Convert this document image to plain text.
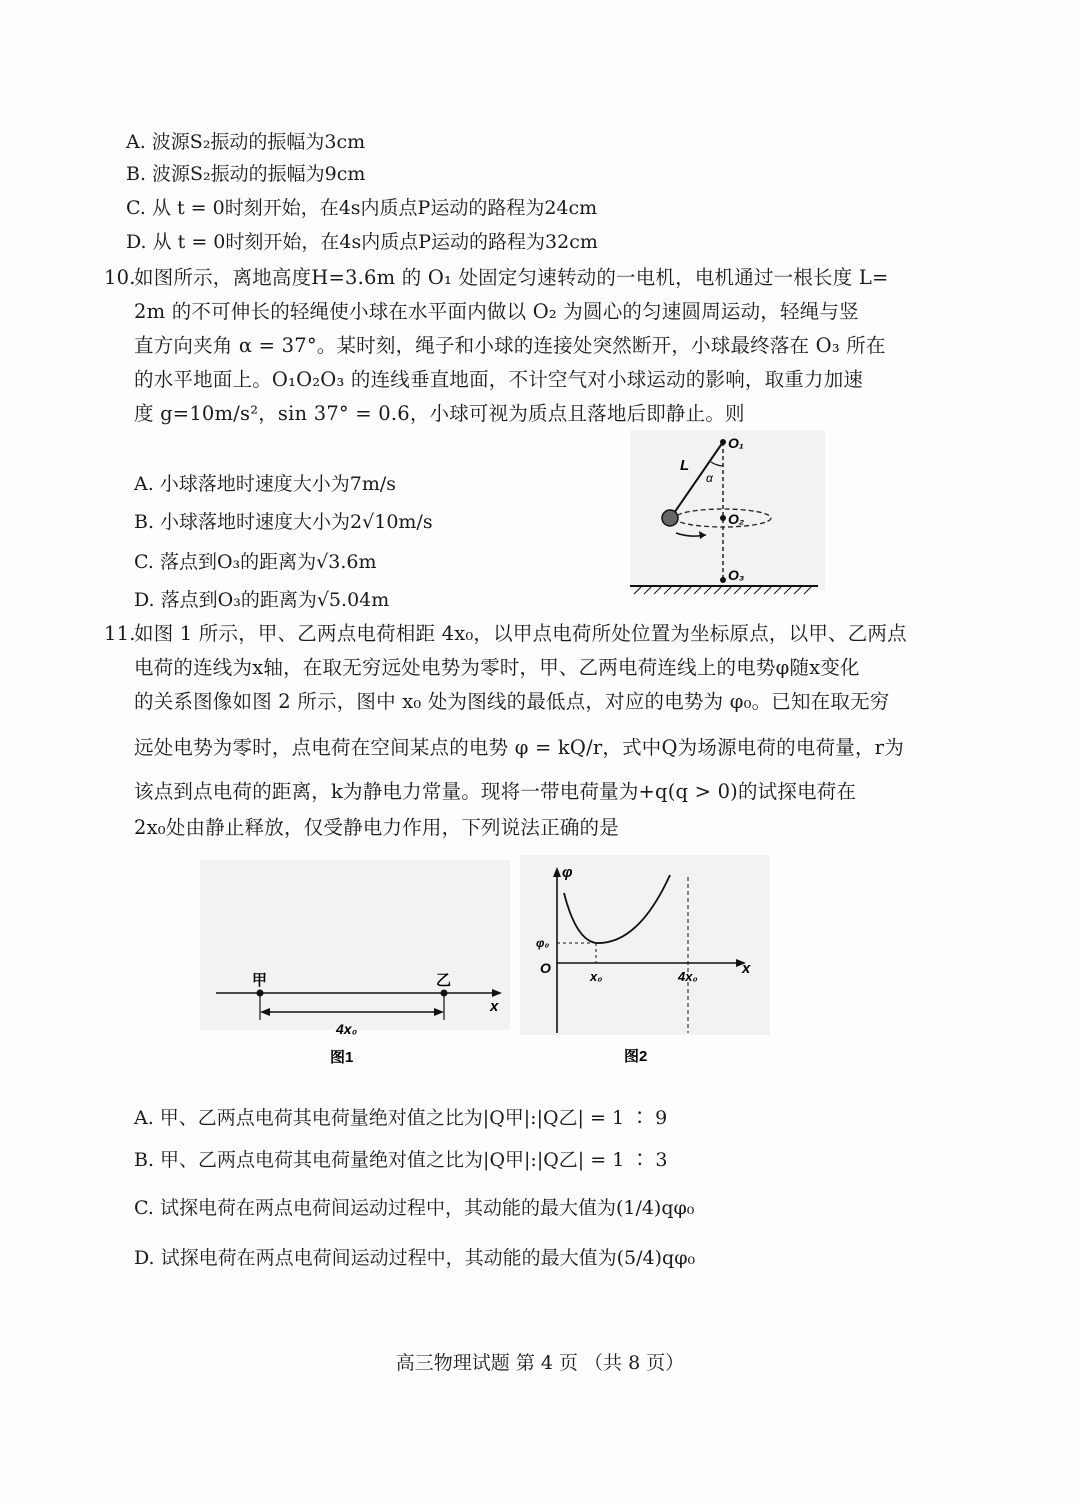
A. 波源S₂振动的振幅为3cm
B. 波源S₂振动的振幅为9cm
C. 从 t = 0时刻开始，在4s内质点P运动的路程为24cm
D. 从 t = 0时刻开始，在4s内质点P运动的路程为32cm
10.
如图所示，离地高度H=3.6m 的 O₁ 处固定匀速转动的一电机，电机通过一根长度 L=
2m 的不可伸长的轻绳使小球在水平面内做以 O₂ 为圆心的匀速圆周运动，轻绳与竖
直方向夹角 α = 37°。某时刻，绳子和小球的连接处突然断开，小球最终落在 O₃ 所在
的水平地面上。O₁O₂O₃ 的连线垂直地面，不计空气对小球运动的影响，取重力加速
度 g=10m/s²，sin 37° = 0.6，小球可视为质点且落地后即静止。则
A. 小球落地时速度大小为7m/s
B. 小球落地时速度大小为2√10m/s
C. 落点到O₃的距离为√3.6m
D. 落点到O₃的距离为√5.04m
O₁
O₂
O₃
L
α
11.
如图 1 所示，甲、乙两点电荷相距 4x₀，以甲点电荷所处位置为坐标原点，以甲、乙两点
电荷的连线为x轴，在取无穷远处电势为零时，甲、乙两电荷连线上的电势φ随x变化
的关系图像如图 2 所示，图中 x₀ 处为图线的最低点，对应的电势为 φ₀。已知在取无穷
远处电势为零时，点电荷在空间某点的电势 φ = kQ/r，式中Q为场源电荷的电荷量，r为
该点到点电荷的距离，k为静电力常量。现将一带电荷量为+q(q > 0)的试探电荷在
2x₀处由静止释放，仅受静电力作用，下列说法正确的是
甲	乙
x
4x₀
图1
φ
φ₀
O
x₀	4x₀	x
图2
A. 甲、乙两点电荷其电荷量绝对值之比为|Q甲|:|Q乙| = 1 ∶ 9
B. 甲、乙两点电荷其电荷量绝对值之比为|Q甲|:|Q乙| = 1 ∶ 3
C. 试探电荷在两点电荷间运动过程中，其动能的最大值为(1/4)qφ₀
D. 试探电荷在两点电荷间运动过程中，其动能的最大值为(5/4)qφ₀
高三物理试题 第 4 页 （共 8 页）
